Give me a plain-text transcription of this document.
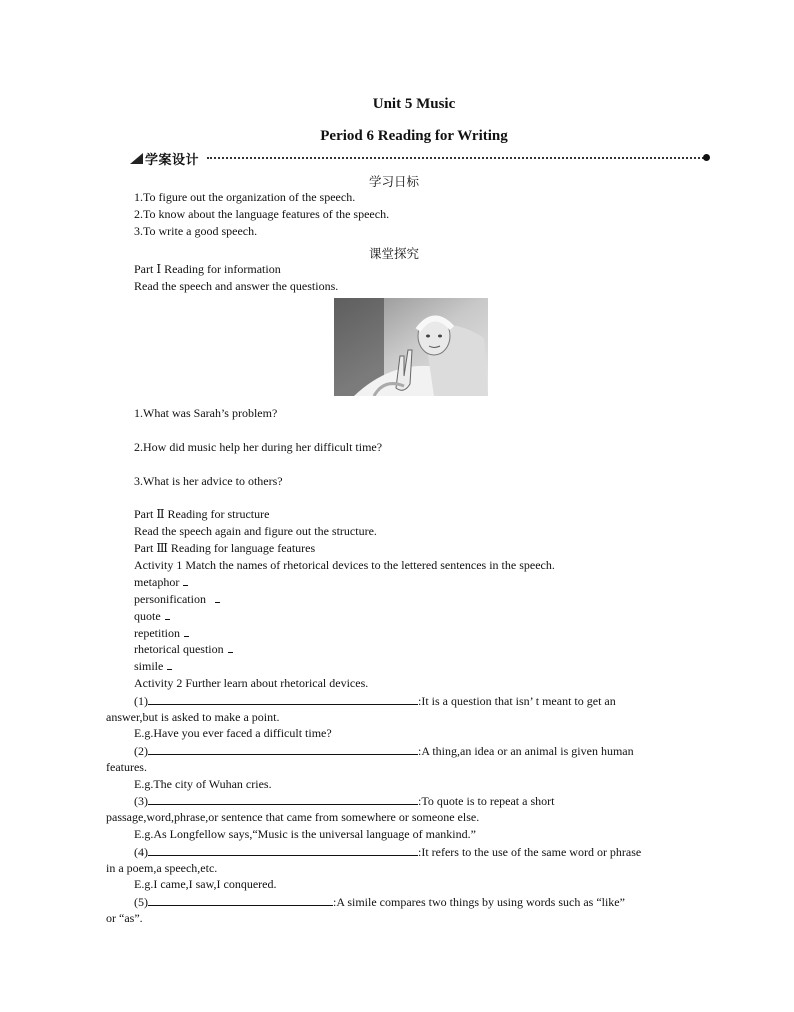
Unit 5 Music
Period 6 Reading for Writing
学案设计
学习日标
1.To figure out the organization of the speech.
2.To know about the language features of the speech.
3.To write a good speech.
课堂探究
Part Ⅰ Reading for information
Read the speech and answer the questions.
1.What was Sarah’s problem?
2.How did music help her during her difficult time?
3.What is her advice to others?
Part Ⅱ Reading for structure
Read the speech again and figure out the structure.
Part Ⅲ Reading for language features
Activity 1 Match the names of rhetorical devices to the lettered sentences in the speech.
metaphor
personification
quote
repetition
rhetorical question
simile
Activity 2 Further learn about rhetorical devices.
(1)	:It is a question that isn’ t meant to get an
answer,but is asked to make a point.
E.g.Have you ever faced a difficult time?
(2)	:A thing,an idea or an animal is given human
features.
E.g.The city of Wuhan cries.
(3)	:To quote is to repeat a short
passage,word,phrase,or sentence that came from somewhere or someone else.
E.g.As Longfellow says,“Music is the universal language of mankind.”
(4)	:It refers to the use of the same word or phrase
in a poem,a speech,etc.
E.g.I came,I saw,I conquered.
(5)	:A simile compares two things by using words such as “like”
or “as”.
